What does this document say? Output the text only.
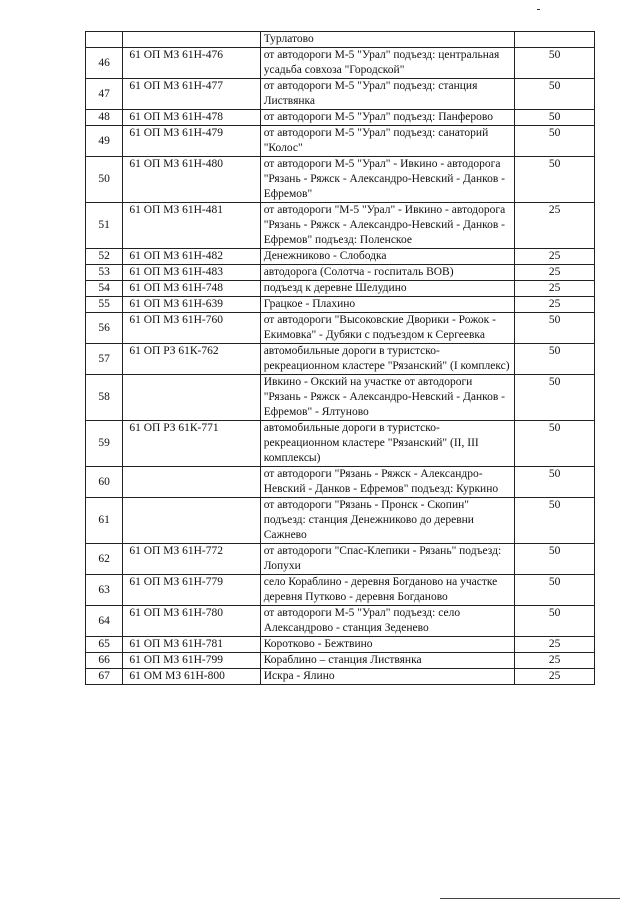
		Турлатово	
46	61 ОП МЗ 61Н-476	от автодороги М-5 "Урал" подъезд: центральная усадьба совхоза "Городской"	50
47	61 ОП МЗ 61Н-477	от автодороги М-5 "Урал" подъезд: станция Листвянка	50
48	61 ОП МЗ 61Н-478	от автодороги М-5 "Урал" подъезд: Панферово	50
49	61 ОП МЗ 61Н-479	от автодороги М-5 "Урал" подъезд: санаторий "Колос"	50
50	61 ОП МЗ 61Н-480	от автодороги М-5 "Урал" - Ивкино - автодорога "Рязань - Ряжск - Александро-Невский - Данков - Ефремов"	50
51	61 ОП МЗ 61Н-481	от автодороги "М-5 "Урал" - Ивкино - автодорога "Рязань - Ряжск - Александро-Невский - Данков - Ефремов" подъезд: Поленское	25
52	61 ОП МЗ 61Н-482	Денежниково - Слободка	25
53	61 ОП МЗ 61Н-483	автодорога (Солотча - госпиталь ВОВ)	25
54	61 ОП МЗ 61Н-748	подъезд к деревне Шелудино	25
55	61 ОП МЗ 61Н-639	Грацкое - Плахино	25
56	61 ОП МЗ 61Н-760	от автодороги "Высоковские Дворики - Рожок - Екимовка" - Дубяки с подъездом к Сергеевка	50
57	61 ОП РЗ 61К-762	автомобильные дороги в туристско-рекреационном кластере "Рязанский" (I комплекс)	50
58		Ивкино - Окский на участке от автодороги "Рязань - Ряжск - Александро-Невский - Данков - Ефремов" - Ялтуново	50
59	61 ОП РЗ 61К-771	автомобильные дороги в туристско-рекреационном кластере "Рязанский" (II, III комплексы)	50
60		от автодороги "Рязань - Ряжск - Александро-Невский - Данков - Ефремов" подъезд: Куркино	50
61		от автодороги "Рязань - Пронск - Скопин" подъезд: станция Денежниково до деревни Сажнево	50
62	61 ОП МЗ 61Н-772	от автодороги "Спас-Клепики - Рязань" подъезд: Лопухи	50
63	61 ОП МЗ 61Н-779	село Кораблино - деревня Богданово на участке деревня Путково - деревня Богданово	50
64	61 ОП МЗ 61Н-780	от автодороги М-5 "Урал" подъезд: село Александрово - станция Зеденево	50
65	61 ОП МЗ 61Н-781	Коротково - Бежтвино	25
66	61 ОП МЗ 61Н-799	Кораблино – станция Листвянка	25
67	61 ОМ МЗ 61Н-800	Искра - Ялино	25
